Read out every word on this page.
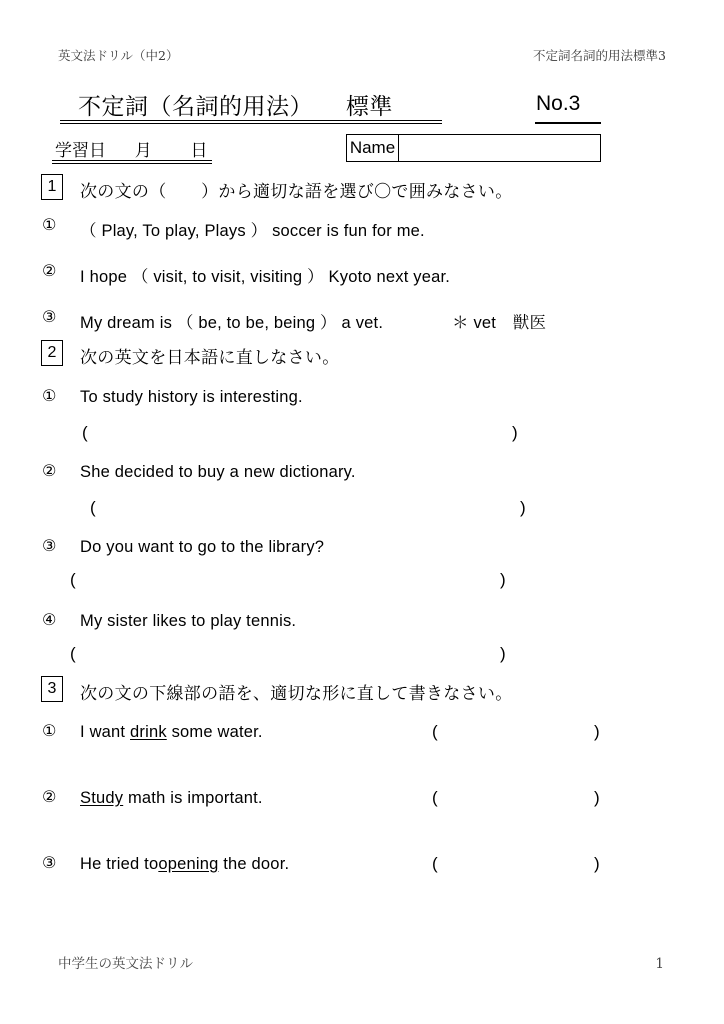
英文法ドリル（中2）	不定詞名詞的用法標準3
不定詞（名詞的用法） 標準	No.3
学習日 月 日	Name
1	次の文の（　　）から適切な語を選び〇で囲みなさい。
① （ Play, To play, Plays ） soccer is fun for me.
② I hope （ visit, to visit, visiting ） Kyoto next year.
③ My dream is （ be, to be, being ） a vet.	＊ vet　獣医
2	次の英文を日本語に直しなさい。
① To study history is interesting.
(	)
② She decided to buy a new dictionary.
(	)
③ Do you want to go to the library?
(	)
④ My sister likes to play tennis.
(	)
3	次の文の下線部の語を、適切な形に直して書きなさい。
① I want drink some water.	(	)
② Study math is important.	(	)
③ He tried toopening the door.	(	)
中学生の英文法ドリル	1
